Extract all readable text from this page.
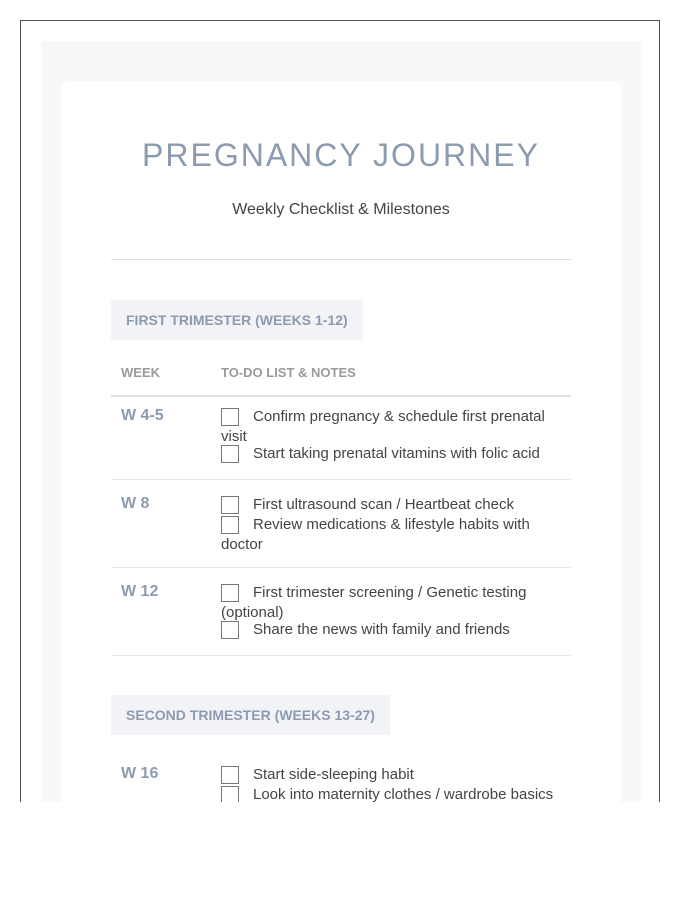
PREGNANCY JOURNEY
Weekly Checklist & Milestones
FIRST TRIMESTER (WEEKS 1-12)
WEEK	TO-DO LIST & NOTES
W 4-5	Confirm pregnancy & schedule first prenatal visit
Start taking prenatal vitamins with folic acid
W 8	First ultrasound scan / Heartbeat check
Review medications & lifestyle habits with doctor
W 12	First trimester screening / Genetic testing (optional)
Share the news with family and friends
SECOND TRIMESTER (WEEKS 13-27)
W 16	Start side-sleeping habit
Look into maternity clothes / wardrobe basics
